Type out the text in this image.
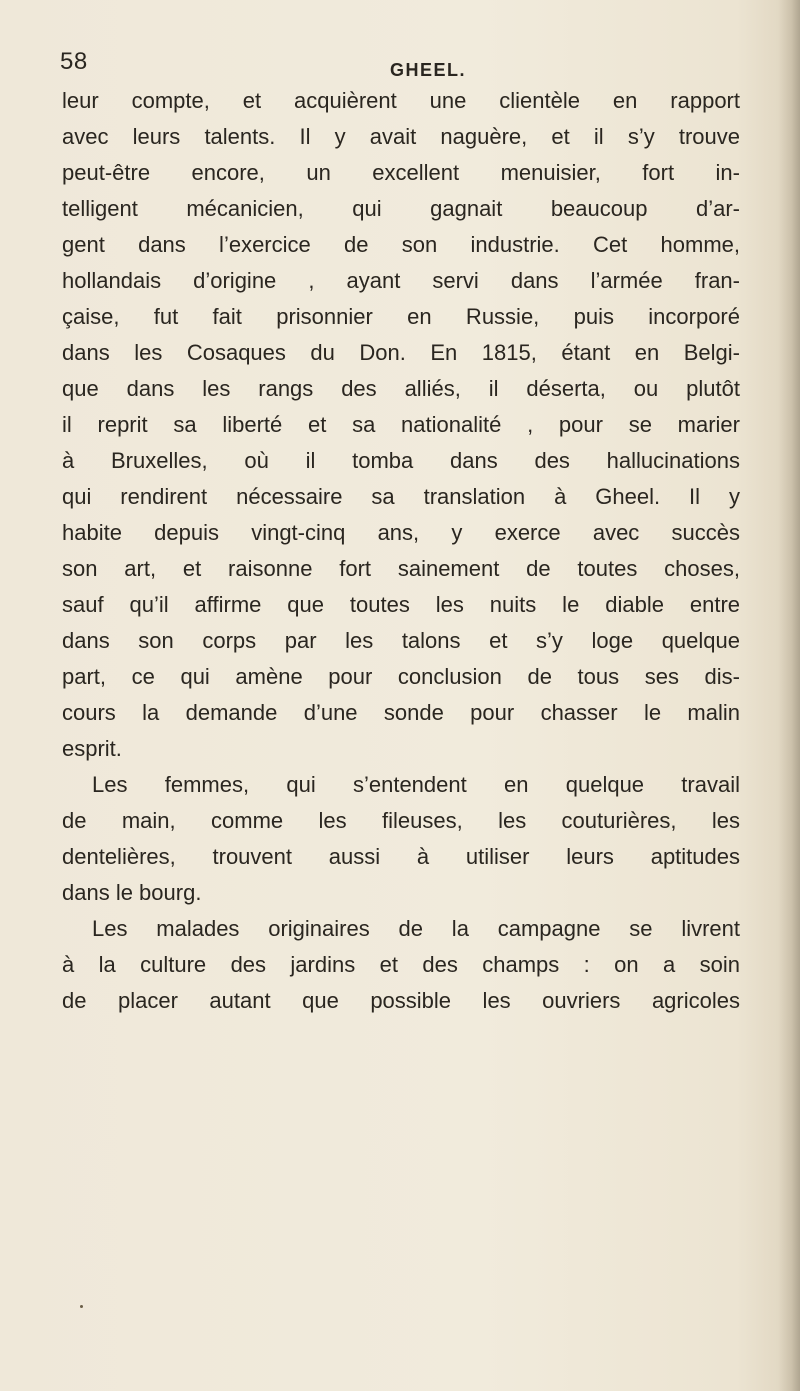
58	GHEEL.
leur compte, et acquièrent une clientèle en rapport
avec leurs talents. Il y avait naguère, et il s’y trouve
peut-être encore, un excellent menuisier, fort in-
telligent mécanicien, qui gagnait beaucoup d’ar-
gent dans l’exercice de son industrie. Cet homme,
hollandais d’origine , ayant servi dans l’armée fran-
çaise, fut fait prisonnier en Russie, puis incorporé
dans les Cosaques du Don. En 1815, étant en Belgi-
que dans les rangs des alliés, il déserta, ou plutôt
il reprit sa liberté et sa nationalité , pour se marier
à Bruxelles, où il tomba dans des hallucinations
qui rendirent nécessaire sa translation à Gheel. Il y
habite depuis vingt-cinq ans, y exerce avec succès
son art, et raisonne fort sainement de toutes choses,
sauf qu’il affirme que toutes les nuits le diable entre
dans son corps par les talons et s’y loge quelque
part, ce qui amène pour conclusion de tous ses dis-
cours la demande d’une sonde pour chasser le malin
esprit.
Les femmes, qui s’entendent en quelque travail
de main, comme les fileuses, les couturières, les
dentelières, trouvent aussi à utiliser leurs aptitudes
dans le bourg.
Les malades originaires de la campagne se livrent
à la culture des jardins et des champs : on a soin
de placer autant que possible les ouvriers agricoles
